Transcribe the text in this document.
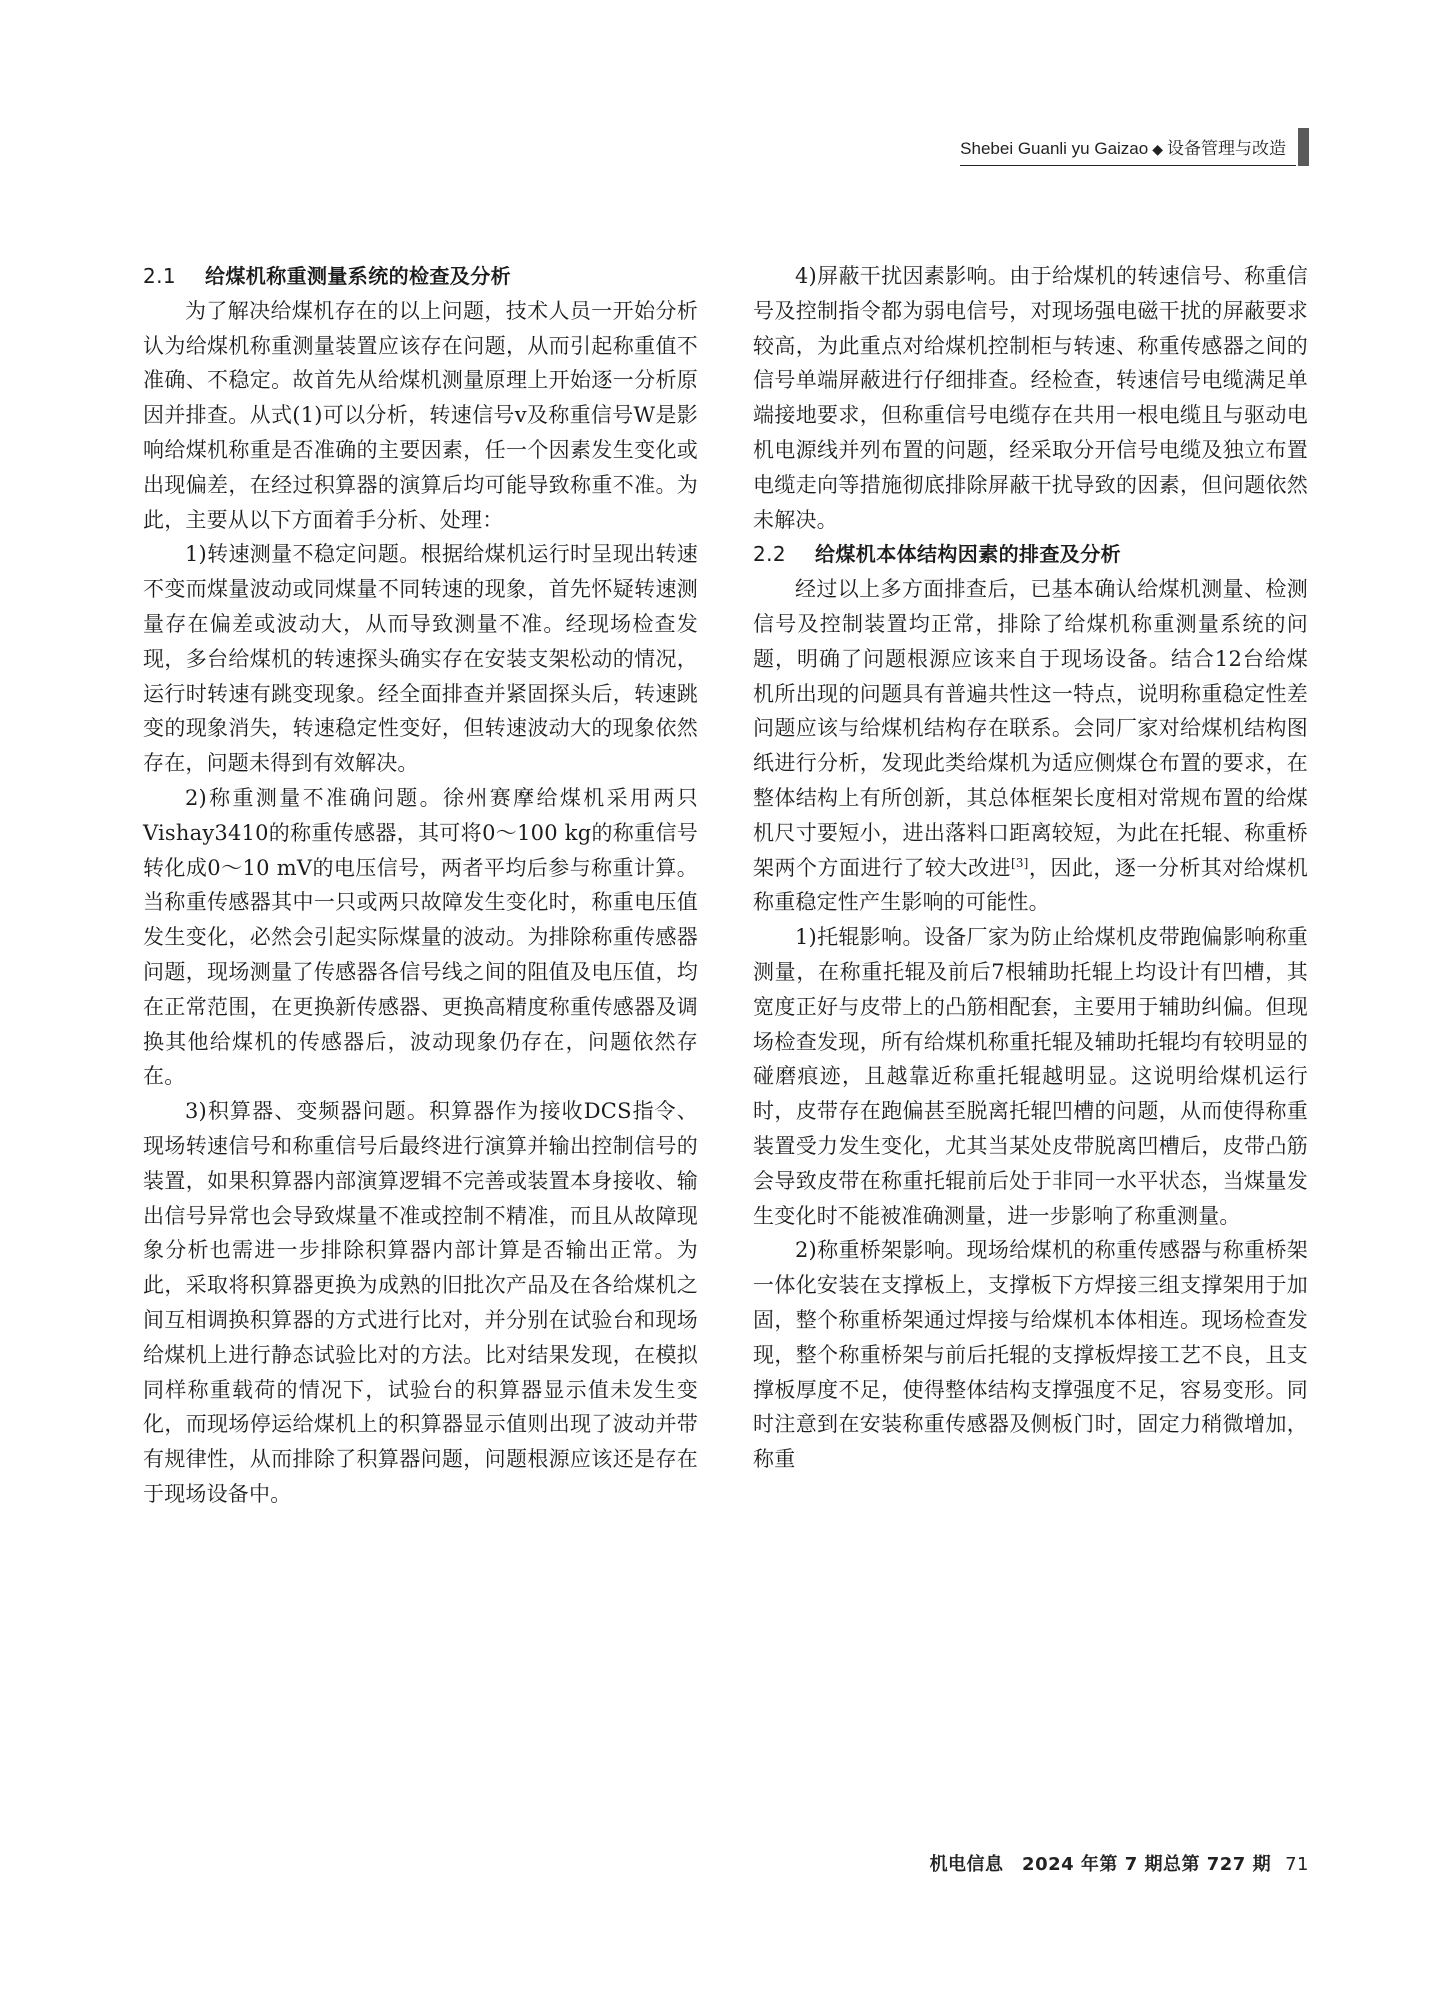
Shebei Guanli yu Gaizao ◆ 设备管理与改造
2.1 给煤机称重测量系统的检查及分析

为了解决给煤机存在的以上问题，技术人员一开始分析认为给煤机称重测量装置应该存在问题，从而引起称重值不准确、不稳定。故首先从给煤机测量原理上开始逐一分析原因并排查。从式(1)可以分析，转速信号v及称重信号W是影响给煤机称重是否准确的主要因素，任一个因素发生变化或出现偏差，在经过积算器的演算后均可能导致称重不准。为此，主要从以下方面着手分析、处理：

1)转速测量不稳定问题。根据给煤机运行时呈现出转速不变而煤量波动或同煤量不同转速的现象，首先怀疑转速测量存在偏差或波动大，从而导致测量不准。经现场检查发现，多台给煤机的转速探头确实存在安装支架松动的情况，运行时转速有跳变现象。经全面排查并紧固探头后，转速跳变的现象消失，转速稳定性变好，但转速波动大的现象依然存在，问题未得到有效解决。

2)称重测量不准确问题。徐州赛摩给煤机采用两只Vishay3410的称重传感器，其可将0～100 kg的称重信号转化成0～10 mV的电压信号，两者平均后参与称重计算。当称重传感器其中一只或两只故障发生变化时，称重电压值发生变化，必然会引起实际煤量的波动。为排除称重传感器问题，现场测量了传感器各信号线之间的阻值及电压值，均在正常范围，在更换新传感器、更换高精度称重传感器及调换其他给煤机的传感器后，波动现象仍存在，问题依然存在。

3)积算器、变频器问题。积算器作为接收DCS指令、现场转速信号和称重信号后最终进行演算并输出控制信号的装置，如果积算器内部演算逻辑不完善或装置本身接收、输出信号异常也会导致煤量不准或控制不精准，而且从故障现象分析也需进一步排除积算器内部计算是否输出正常。为此，采取将积算器更换为成熟的旧批次产品及在各给煤机之间互相调换积算器的方式进行比对，并分别在试验台和现场给煤机上进行静态试验比对的方法。比对结果发现，在模拟同样称重载荷的情况下，试验台的积算器显示值未发生变化，而现场停运给煤机上的积算器显示值则出现了波动并带有规律性，从而排除了积算器问题，问题根源应该还是存在于现场设备中。

4)屏蔽干扰因素影响。由于给煤机的转速信号、称重信号及控制指令都为弱电信号，对现场强电磁干扰的屏蔽要求较高，为此重点对给煤机控制柜与转速、称重传感器之间的信号单端屏蔽进行仔细排查。经检查，转速信号电缆满足单端接地要求，但称重信号电缆存在共用一根电缆且与驱动电机电源线并列布置的问题，经采取分开信号电缆及独立布置电缆走向等措施彻底排除屏蔽干扰导致的因素，但问题依然未解决。

2.2 给煤机本体结构因素的排查及分析

经过以上多方面排查后，已基本确认给煤机测量、检测信号及控制装置均正常，排除了给煤机称重测量系统的问题，明确了问题根源应该来自于现场设备。结合12台给煤机所出现的问题具有普遍共性这一特点，说明称重稳定性差问题应该与给煤机结构存在联系。会同厂家对给煤机结构图纸进行分析，发现此类给煤机为适应侧煤仓布置的要求，在整体结构上有所创新，其总体框架长度相对常规布置的给煤机尺寸要短小，进出落料口距离较短，为此在托辊、称重桥架两个方面进行了较大改进[3]，因此，逐一分析其对给煤机称重稳定性产生影响的可能性。

1)托辊影响。设备厂家为防止给煤机皮带跑偏影响称重测量，在称重托辊及前后7根辅助托辊上均设计有凹槽，其宽度正好与皮带上的凸筋相配套，主要用于辅助纠偏。但现场检查发现，所有给煤机称重托辊及辅助托辊均有较明显的碰磨痕迹，且越靠近称重托辊越明显。这说明给煤机运行时，皮带存在跑偏甚至脱离托辊凹槽的问题，从而使得称重装置受力发生变化，尤其当某处皮带脱离凹槽后，皮带凸筋会导致皮带在称重托辊前后处于非同一水平状态，当煤量发生变化时不能被准确测量，进一步影响了称重测量。

2)称重桥架影响。现场给煤机的称重传感器与称重桥架一体化安装在支撑板上，支撑板下方焊接三组支撑架用于加固，整个称重桥架通过焊接与给煤机本体相连。现场检查发现，整个称重桥架与前后托辊的支撑板焊接工艺不良，且支撑板厚度不足，使得整体结构支撑强度不足，容易变形。同时注意到在安装称重传感器及侧板门时，固定力稍微增加，称重

机电信息　2024 年第 7 期总第 727 期 71
